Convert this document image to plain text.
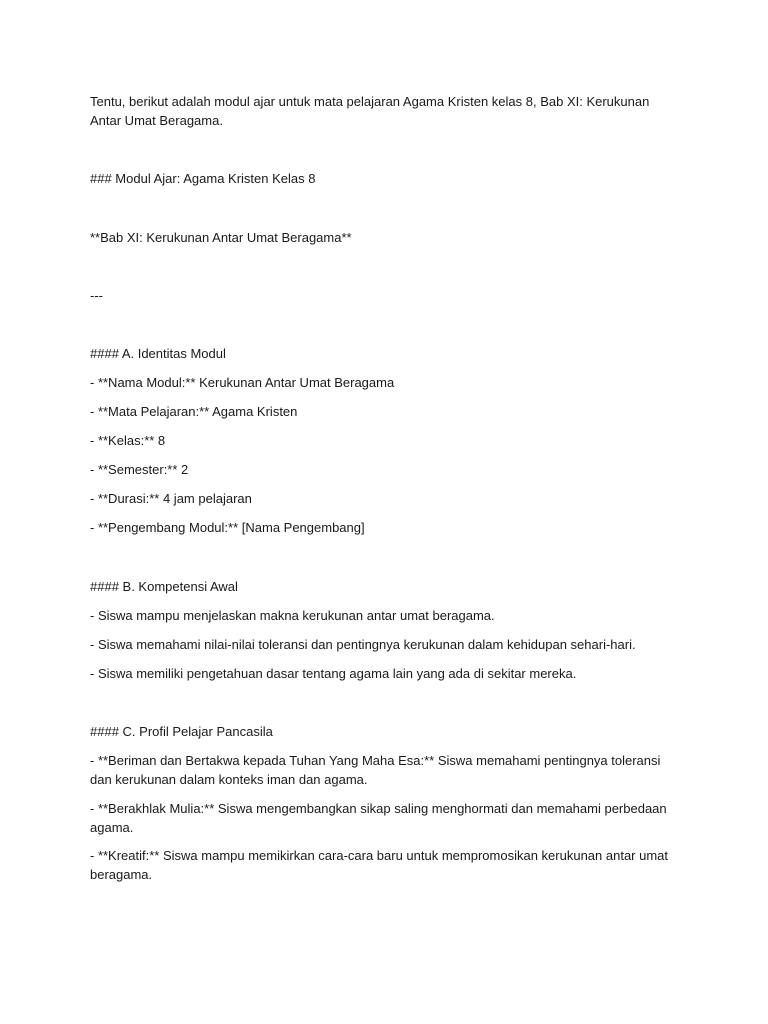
Tentu, berikut adalah modul ajar untuk mata pelajaran Agama Kristen kelas 8, Bab XI: Kerukunan Antar Umat Beragama.

### Modul Ajar: Agama Kristen Kelas 8

**Bab XI: Kerukunan Antar Umat Beragama**

---

#### A. Identitas Modul

- **Nama Modul:** Kerukunan Antar Umat Beragama

- **Mata Pelajaran:** Agama Kristen

- **Kelas:** 8

- **Semester:** 2

- **Durasi:** 4 jam pelajaran

- **Pengembang Modul:** [Nama Pengembang]

#### B. Kompetensi Awal

- Siswa mampu menjelaskan makna kerukunan antar umat beragama.

- Siswa memahami nilai-nilai toleransi dan pentingnya kerukunan dalam kehidupan sehari-hari.

- Siswa memiliki pengetahuan dasar tentang agama lain yang ada di sekitar mereka.

#### C. Profil Pelajar Pancasila

- **Beriman dan Bertakwa kepada Tuhan Yang Maha Esa:** Siswa memahami pentingnya toleransi dan kerukunan dalam konteks iman dan agama.

- **Berakhlak Mulia:** Siswa mengembangkan sikap saling menghormati dan memahami perbedaan agama.

- **Kreatif:** Siswa mampu memikirkan cara-cara baru untuk mempromosikan kerukunan antar umat beragama.
